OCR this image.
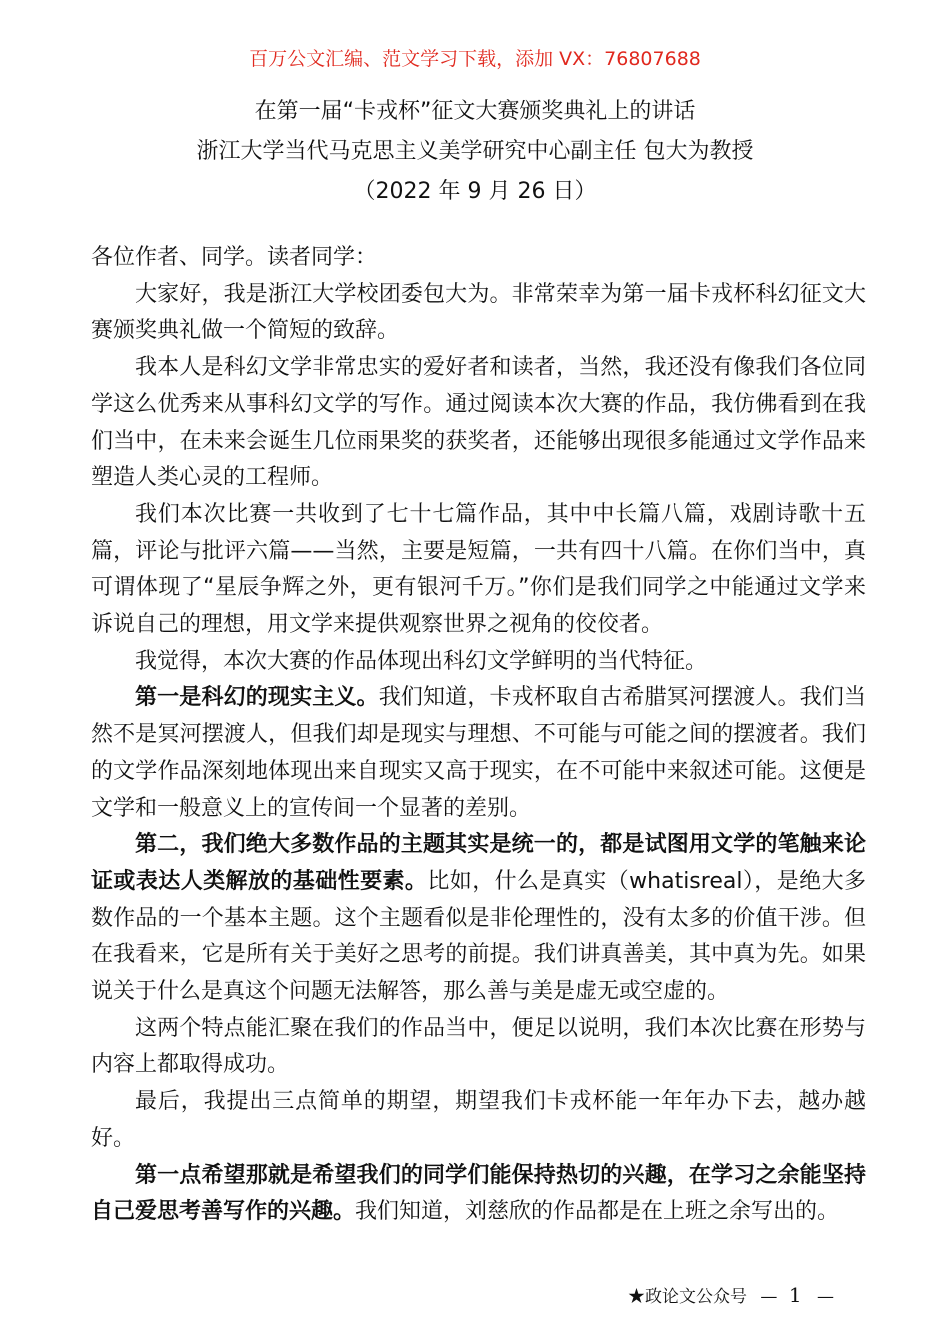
百万公文汇编、范文学习下载，添加 VX：76807688
在第一届“卡戎杯”征文大赛颁奖典礼上的讲话
浙江大学当代马克思主义美学研究中心副主任 包大为教授
（2022 年 9 月 26 日）

各位作者、同学。读者同学：

大家好，我是浙江大学校团委包大为。非常荣幸为第一届卡戎杯科幻征文大赛颁奖典礼做一个简短的致辞。

我本人是科幻文学非常忠实的爱好者和读者，当然，我还没有像我们各位同学这么优秀来从事科幻文学的写作。通过阅读本次大赛的作品，我仿佛看到在我们当中，在未来会诞生几位雨果奖的获奖者，还能够出现很多能通过文学作品来塑造人类心灵的工程师。

我们本次比赛一共收到了七十七篇作品，其中中长篇八篇，戏剧诗歌十五篇，评论与批评六篇——当然，主要是短篇，一共有四十八篇。在你们当中，真可谓体现了“星辰争辉之外，更有银河千万。”你们是我们同学之中能通过文学来诉说自己的理想，用文学来提供观察世界之视角的佼佼者。

我觉得，本次大赛的作品体现出科幻文学鲜明的当代特征。

第一是科幻的现实主义。我们知道，卡戎杯取自古希腊冥河摆渡人。我们当然不是冥河摆渡人，但我们却是现实与理想、不可能与可能之间的摆渡者。我们的文学作品深刻地体现出来自现实又高于现实，在不可能中来叙述可能。这便是文学和一般意义上的宣传间一个显著的差别。

第二，我们绝大多数作品的主题其实是统一的，都是试图用文学的笔触来论证或表达人类解放的基础性要素。比如，什么是真实（whatisreal），是绝大多数作品的一个基本主题。这个主题看似是非伦理性的，没有太多的价值干涉。但在我看来，它是所有关于美好之思考的前提。我们讲真善美，其中真为先。如果说关于什么是真这个问题无法解答，那么善与美是虚无或空虚的。

这两个特点能汇聚在我们的作品当中，便足以说明，我们本次比赛在形势与内容上都取得成功。

最后，我提出三点简单的期望，期望我们卡戎杯能一年年办下去，越办越好。

第一点希望那就是希望我们的同学们能保持热切的兴趣，在学习之余能坚持自己爱思考善写作的兴趣。我们知道，刘慈欣的作品都是在上班之余写出的。

★政论文公众号 — 1 —
